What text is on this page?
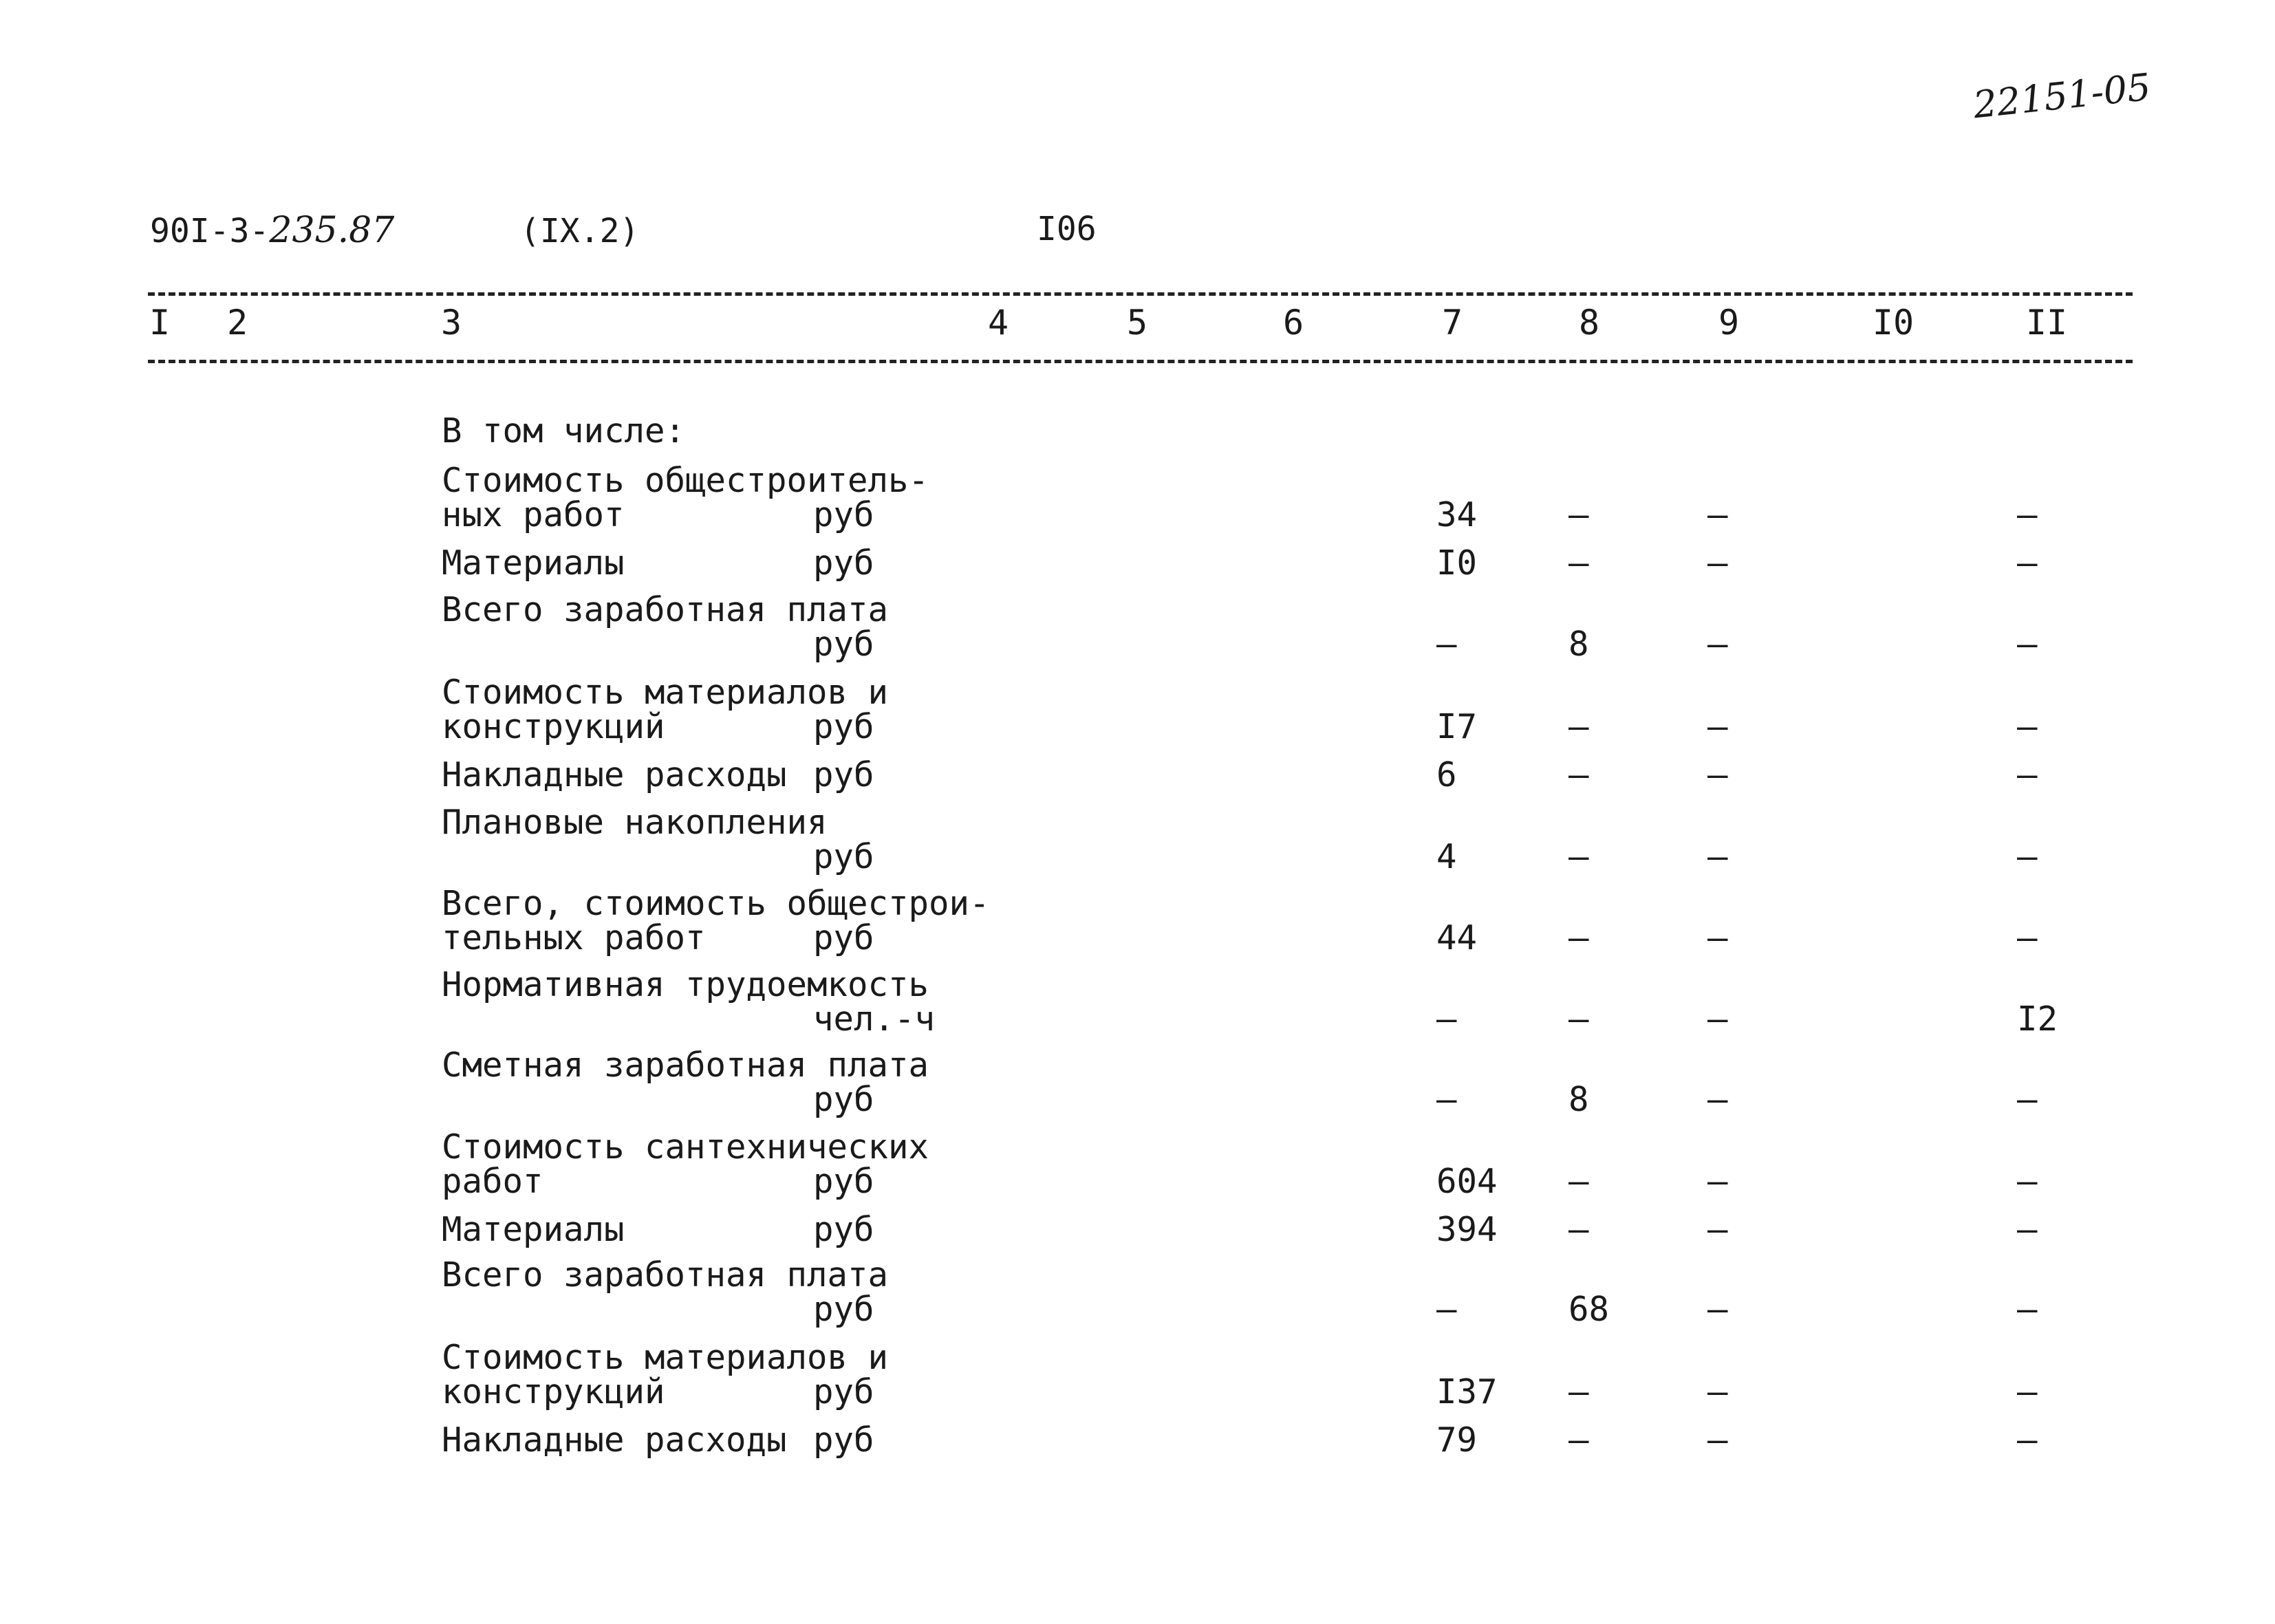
22151-05
90I-3-235.87	(IX.2)	I06
I 2	3	4	5	6	7	8	9	I0	II
В том числе:
Стоимость общестроитель-
ных работ	руб	34	–	–	–
Материалы	руб	I0	–	–	–
Всего заработная плата
руб	–	8	–	–
Стоимость материалов и
конструкций	руб	I7	–	–	–
Накладные расходы руб	6	–	–	–
Плановые накопления
руб	4	–	–	–
Всего, стоимость общестрои-
тельных работ	руб	44	–	–	–
Нормативная трудоемкость
чел.-ч	–	–	–	I2
Сметная заработная плата
руб	–	8	–	–
Стоимость сантехнических
работ	руб	604 –	–	–
Материалы	руб	394 –	–	–
Всего заработная плата
руб	–	68	–	–
Стоимость материалов и
конструкций	руб	I37 –	–	–
Накладные расходы руб	79	–	–	–
